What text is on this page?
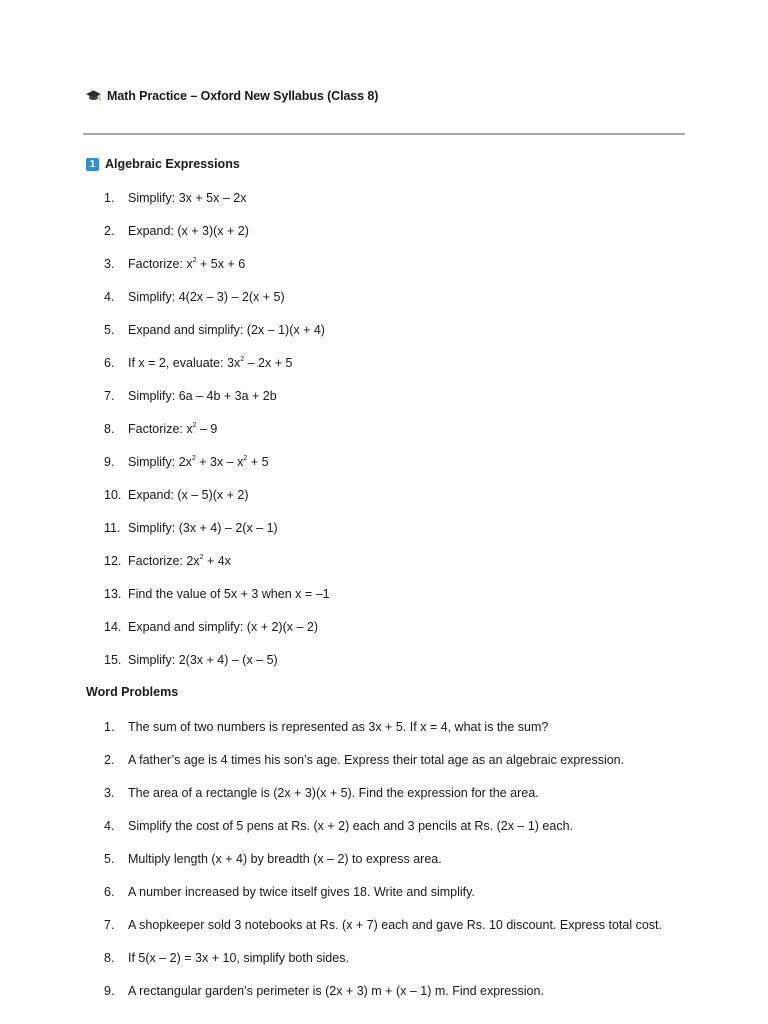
Math Practice – Oxford New Syllabus (Class 8)
1 Algebraic Expressions
1. Simplify: 3x + 5x – 2x
2. Expand: (x + 3)(x + 2)
3. Factorize: $x^2 + 5x + 6$
4. Simplify: 4(2x – 3) – 2(x + 5)
5. Expand and simplify: (2x – 1)(x + 4)
6. If x = 2, evaluate: $3x^2 - 2x + 5$
7. Simplify: 6a – 4b + 3a + 2b
8. Factorize: $x^2 - 9$
9. Simplify: $2x^2 + 3x - x^2 + 5$
10. Expand: (x – 5)(x + 2)
11. Simplify: (3x + 4) – 2(x – 1)
12. Factorize: $2x^2 + 4x$
13. Find the value of 5x + 3 when x = –1
14. Expand and simplify: (x + 2)(x – 2)
15. Simplify: 2(3x + 4) – (x – 5)
Word Problems
1. The sum of two numbers is represented as 3x + 5. If x = 4, what is the sum?
2. A father’s age is 4 times his son’s age. Express their total age as an algebraic expression.
3. The area of a rectangle is (2x + 3)(x + 5). Find the expression for the area.
4. Simplify the cost of 5 pens at Rs. (x + 2) each and 3 pencils at Rs. (2x – 1) each.
5. Multiply length (x + 4) by breadth (x – 2) to express area.
6. A number increased by twice itself gives 18. Write and simplify.
7. A shopkeeper sold 3 notebooks at Rs. (x + 7) each and gave Rs. 10 discount. Express total cost.
8. If 5(x – 2) = 3x + 10, simplify both sides.
9. A rectangular garden’s perimeter is (2x + 3) m + (x – 1) m. Find expression.
